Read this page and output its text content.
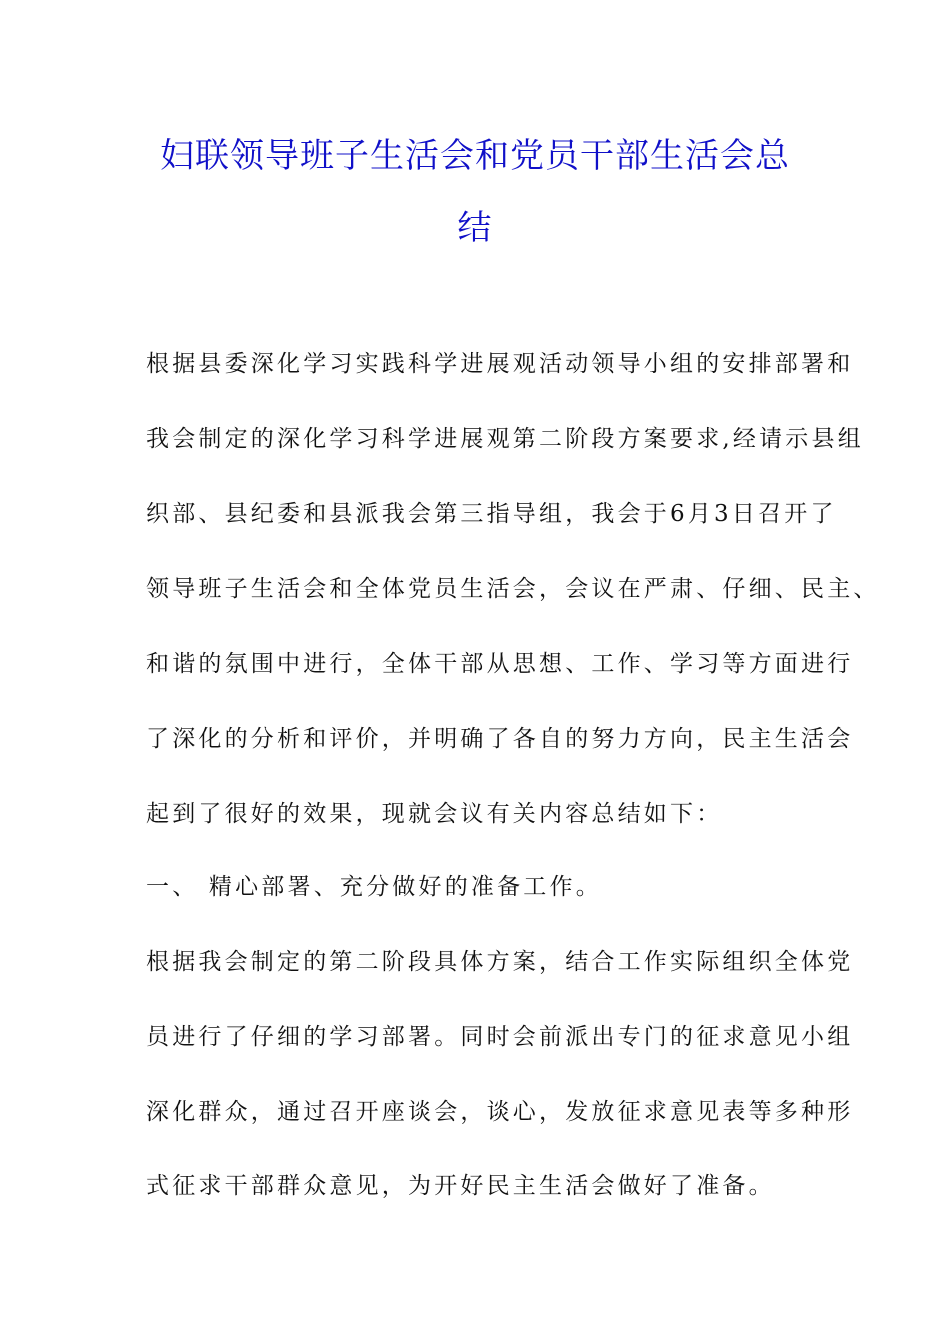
妇联领导班子生活会和党员干部生活会总
结

根据县委深化学习实践科学进展观活动领导小组的安排部署和

我会制定的深化学习科学进展观第二阶段方案要求,经请示县组

织部、县纪委和县派我会第三指导组，我会于6月3日召开了

领导班子生活会和全体党员生活会，会议在严肃、仔细、民主、

和谐的氛围中进行，全体干部从思想、工作、学习等方面进行

了深化的分析和评价，并明确了各自的努力方向，民主生活会

起到了很好的效果，现就会议有关内容总结如下：

一、 精心部署、充分做好的准备工作。

根据我会制定的第二阶段具体方案，结合工作实际组织全体党

员进行了仔细的学习部署。同时会前派出专门的征求意见小组

深化群众，通过召开座谈会，谈心，发放征求意见表等多种形

式征求干部群众意见，为开好民主生活会做好了准备。
